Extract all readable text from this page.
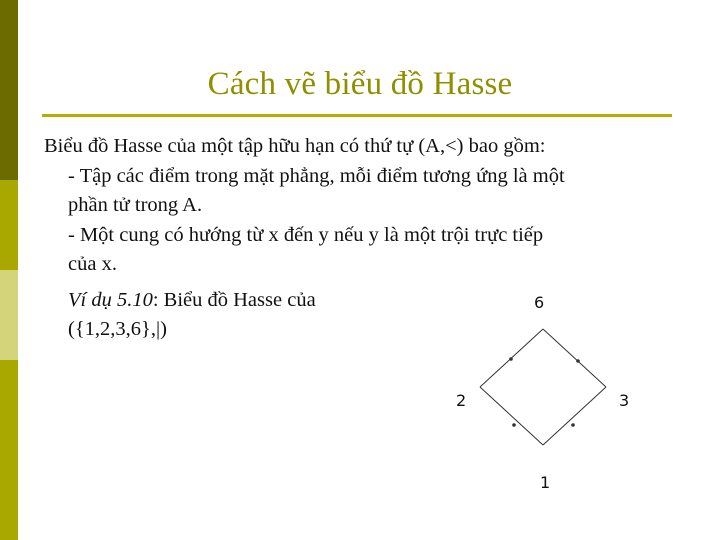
Cách vẽ biểu đồ Hasse
Biểu đồ Hasse của một tập hữu hạn có thứ tự (A,<) bao gồm:
- Tập các điểm trong mặt phẳng, mỗi điểm tương ứng là một
phần tử trong A.
- Một cung có hướng từ x đến y nếu y là một trội trực tiếp
của x.
Ví dụ 5.10: Biểu đồ Hasse của
({1,2,3,6},|)
6
2	3
1
